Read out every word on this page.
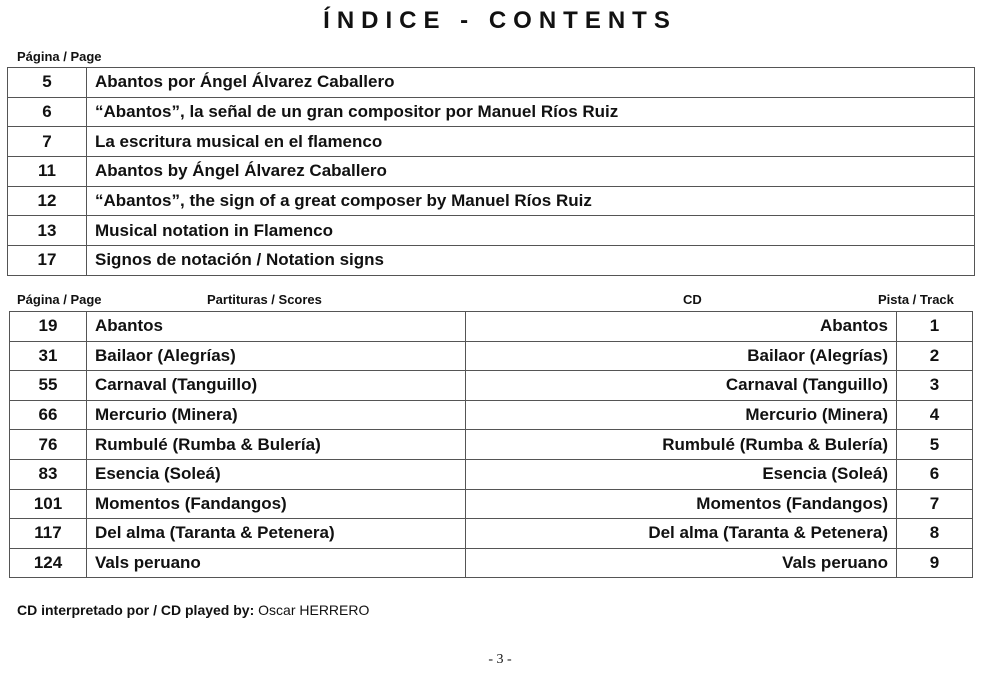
ÍNDICE - CONTENTS
Página / Page
5	Abantos por Ángel Álvarez Caballero
6	“Abantos”, la señal de un gran compositor por Manuel Ríos Ruiz
7	La escritura musical en el flamenco
11	Abantos by Ángel Álvarez Caballero
12	“Abantos”, the sign of a great composer by Manuel Ríos Ruiz
13	Musical notation in Flamenco
17	Signos de notación / Notation signs
Página / Page	Partituras / Scores	CD	Pista / Track
19	Abantos	Abantos	1
31	Bailaor (Alegrías)	Bailaor (Alegrías)	2
55	Carnaval (Tanguillo)	Carnaval (Tanguillo)	3
66	Mercurio (Minera)	Mercurio (Minera)	4
76	Rumbulé (Rumba & Bulería)	Rumbulé (Rumba & Bulería)	5
83	Esencia (Soleá)	Esencia (Soleá)	6
101	Momentos (Fandangos)	Momentos (Fandangos)	7
117	Del alma (Taranta & Petenera)	Del alma (Taranta & Petenera)	8
124	Vals peruano	Vals peruano	9
CD interpretado por / CD played by: Oscar HERRERO
- 3 -
